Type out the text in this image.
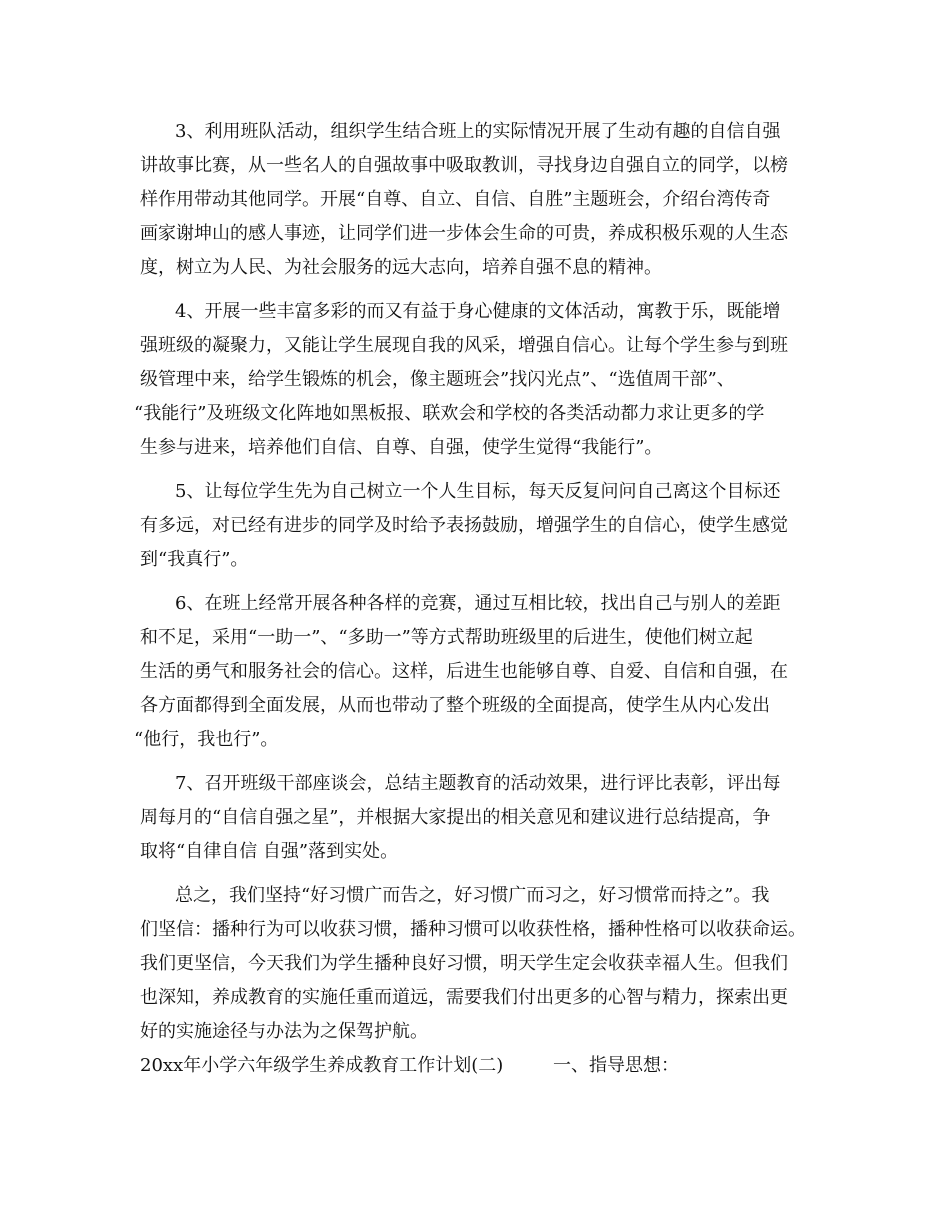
3、利用班队活动，组织学生结合班上的实际情况开展了生动有趣的自信自强
讲故事比赛，从一些名人的自强故事中吸取教训，寻找身边自强自立的同学，以榜
样作用带动其他同学。开展“自尊、自立、自信、自胜”主题班会，介绍台湾传奇
画家谢坤山的感人事迹，让同学们进一步体会生命的可贵，养成积极乐观的人生态
度，树立为人民、为社会服务的远大志向，培养自强不息的精神。
4、开展一些丰富多彩的而又有益于身心健康的文体活动，寓教于乐，既能增
强班级的凝聚力，又能让学生展现自我的风采，增强自信心。让每个学生参与到班
级管理中来，给学生锻炼的机会，像主题班会”找闪光点”、“选值周干部”、
“我能行”及班级文化阵地如黑板报、联欢会和学校的各类活动都力求让更多的学
生参与进来，培养他们自信、自尊、自强，使学生觉得“我能行”。
5、让每位学生先为自己树立一个人生目标，每天反复问问自己离这个目标还
有多远，对已经有进步的同学及时给予表扬鼓励，增强学生的自信心，使学生感觉
到“我真行”。
6、在班上经常开展各种各样的竞赛，通过互相比较，找出自己与别人的差距
和不足，采用“一助一”、“多助一”等方式帮助班级里的后进生，使他们树立起
生活的勇气和服务社会的信心。这样，后进生也能够自尊、自爱、自信和自强，在
各方面都得到全面发展，从而也带动了整个班级的全面提高，使学生从内心发出
“他行，我也行”。
7、召开班级干部座谈会，总结主题教育的活动效果，进行评比表彰，评出每
周每月的“自信自强之星”，并根据大家提出的相关意见和建议进行总结提高，争
取将“自律自信 自强”落到实处。
总之，我们坚持“好习惯广而告之，好习惯广而习之，好习惯常而持之”。我
们坚信：播种行为可以收获习惯，播种习惯可以收获性格，播种性格可以收获命运。
我们更坚信，今天我们为学生播种良好习惯，明天学生定会收获幸福人生。但我们
也深知，养成教育的实施任重而道远，需要我们付出更多的心智与精力，探索出更
好的实施途径与办法为之保驾护航。
20xx年小学六年级学生养成教育工作计划(二)	一、指导思想：
